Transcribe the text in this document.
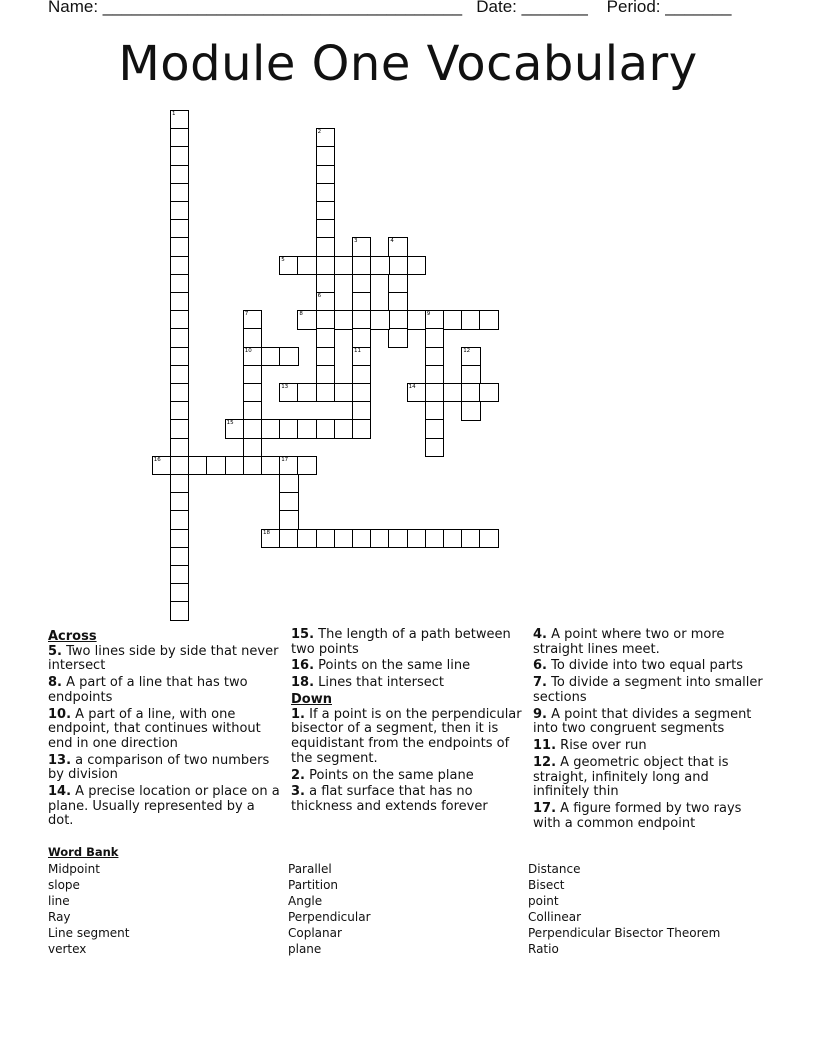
Name: ______________________________________   Date: _______    Period: _______
Module One Vocabulary
1
2
3	4
5
6
7
10
8	9
11	12
13	14
15
16	17
18
Across
5. Two lines side by side that never intersect
8. A part of a line that has two endpoints
10. A part of a line, with one endpoint, that continues without end in one direction
13. a comparison of two numbers by division
14. A precise location or place on a plane. Usually represented by a dot.
15. The length of a path between two points
16. Points on the same line
18. Lines that intersect
Down
1. If a point is on the perpendicular bisector of a segment, then it is equidistant from the endpoints of the segment.
2. Points on the same plane
3. a flat surface that has no thickness and extends forever
4. A point where two or more straight lines meet.
6. To divide into two equal parts
7. To divide a segment into smaller sections
9. A point that divides a segment into two congruent segments
11. Rise over run
12. A geometric object that is straight, infinitely long and infinitely thin
17. A figure formed by two rays with a common endpoint
Word Bank
Midpoint
slope
line
Ray
Line segment
vertex
Parallel
Partition
Angle
Perpendicular
Coplanar
plane
Distance
Bisect
point
Collinear
Perpendicular Bisector Theorem
Ratio
